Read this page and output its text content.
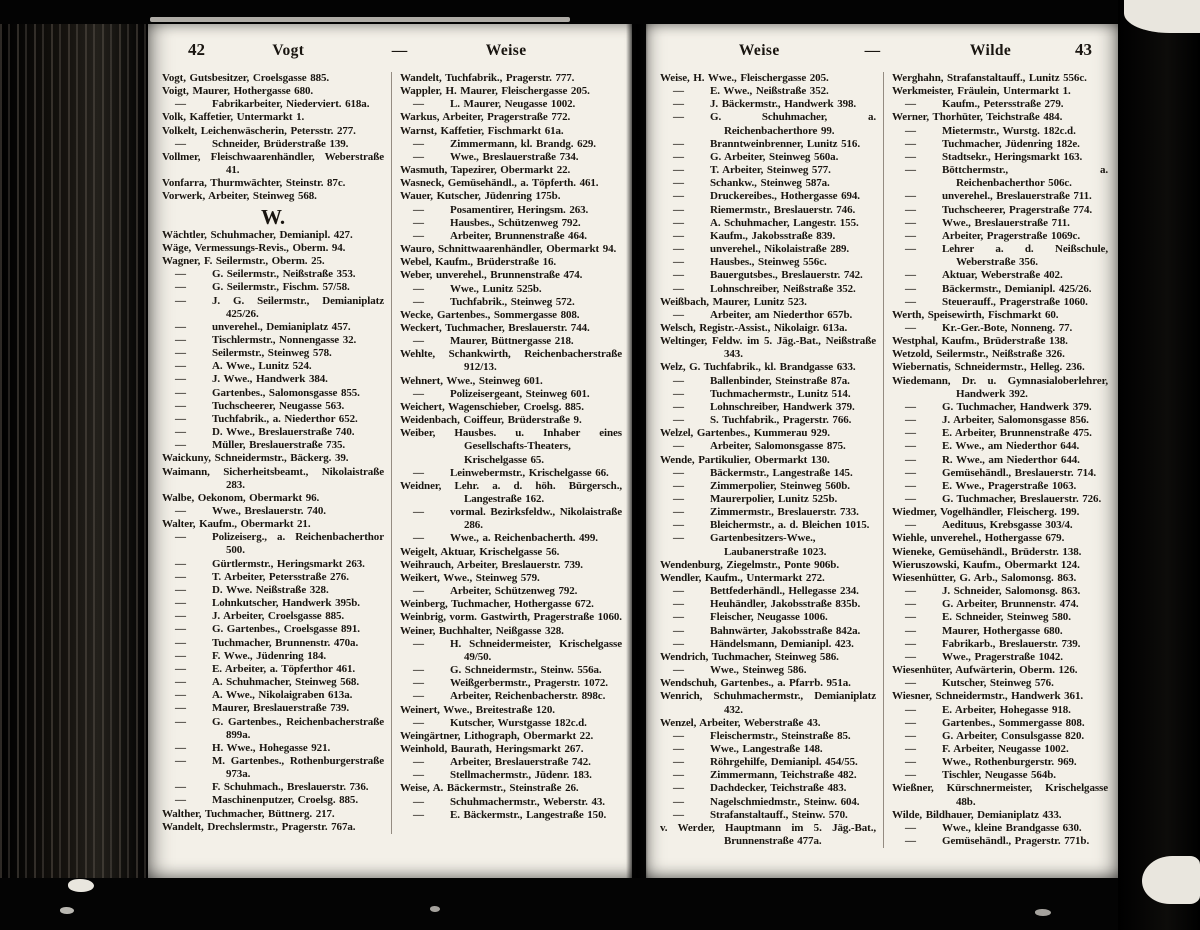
42	Vogt	—	Weise
Vogt, Gutsbesitzer, Croelsgasse 885.
Voigt, Maurer, Hothergasse 680.
— Fabrikarbeiter, Niederviert. 618a.
Volk, Kaffetier, Untermarkt 1.
Volkelt, Leichenwäscherin, Petersstr. 277.
— Schneider, Brüderstraße 139.
Vollmer, Fleischwaarenhändler, Weberstraße 41.
Vonfarra, Thurmwächter, Steinstr. 87c.
Vorwerk, Arbeiter, Steinweg 568.
W.
Wächtler, Schuhmacher, Demianipl. 427.
Wäge, Vermessungs-Revis., Oberm. 94.
Wagner, F. Seilermstr., Oberm. 25.
— G. Seilermstr., Neißstraße 353.
— G. Seilermstr., Fischm. 57/58.
— J. G. Seilermstr., Demianiplatz 425/26.
— unverehel., Demianiplatz 457.
— Tischlermstr., Nonnengasse 32.
— Seilermstr., Steinweg 578.
— A. Wwe., Lunitz 524.
— J. Wwe., Handwerk 384.
— Gartenbes., Salomonsgasse 855.
— Tuchscheerer, Neugasse 563.
— Tuchfabrik., a. Niederthor 652.
— D. Wwe., Breslauerstraße 740.
— Müller, Breslauerstraße 735.
Waickuny, Schneidermstr., Bäckerg. 39.
Waimann, Sicherheitsbeamt., Nikolaistraße 283.
Walbe, Oekonom, Obermarkt 96.
— Wwe., Breslauerstr. 740.
Walter, Kaufm., Obermarkt 21.
— Polizeiserg., a. Reichenbacherthor 500.
— Gürtlermstr., Heringsmarkt 263.
— T. Arbeiter, Petersstraße 276.
— D. Wwe. Neißstraße 328.
— Lohnkutscher, Handwerk 395b.
— J. Arbeiter, Croelsgasse 885.
— G. Gartenbes., Croelsgasse 891.
— Tuchmacher, Brunnenstr. 470a.
— F. Wwe., Jüdenring 184.
— E. Arbeiter, a. Töpferthor 461.
— A. Schuhmacher, Steinweg 568.
— A. Wwe., Nikolaigraben 613a.
— Maurer, Breslauerstraße 739.
— G. Gartenbes., Reichenbacherstraße 899a.
— H. Wwe., Hohegasse 921.
— M. Gartenbes., Rothenburgerstraße 973a.
— F. Schuhmach., Breslauerstr. 736.
— Maschinenputzer, Croelsg. 885.
Walther, Tuchmacher, Büttnerg. 217.
Wandelt, Drechslermstr., Pragerstr. 767a.
Wandelt, Tuchfabrik., Pragerstr. 777.
Wappler, H. Maurer, Fleischergasse 205.
— L. Maurer, Neugasse 1002.
Warkus, Arbeiter, Pragerstraße 772.
Warnst, Kaffetier, Fischmarkt 61a.
— Zimmermann, kl. Brandg. 629.
— Wwe., Breslauerstraße 734.
Wasmuth, Tapezirer, Obermarkt 22.
Wasneck, Gemüsehändl., a. Töpferth. 461.
Wauer, Kutscher, Jüdenring 175b.
— Posamentirer, Heringsm. 263.
— Hausbes., Schützenweg 792.
— Arbeiter, Brunnenstraße 464.
Wauro, Schnittwaarenhändler, Obermarkt 94.
Webel, Kaufm., Brüderstraße 16.
Weber, unverehel., Brunnenstraße 474.
— Wwe., Lunitz 525b.
— Tuchfabrik., Steinweg 572.
Wecke, Gartenbes., Sommergasse 808.
Weckert, Tuchmacher, Breslauerstr. 744.
— Maurer, Büttnergasse 218.
Wehlte, Schankwirth, Reichenbacherstraße 912/13.
Wehnert, Wwe., Steinweg 601.
— Polizeisergeant, Steinweg 601.
Weichert, Wagenschieber, Croelsg. 885.
Weidenbach, Coiffeur, Brüderstraße 9.
Weiber, Hausbes. u. Inhaber eines Gesellschafts-Theaters, Krischelgasse 65.
— Leinwebermstr., Krischelgasse 66.
Weidner, Lehr. a. d. höh. Bürgersch., Langestraße 162.
— vormal. Bezirksfeldw., Nikolaistraße 286.
— Wwe., a. Reichenbacherth. 499.
Weigelt, Aktuar, Krischelgasse 56.
Weihrauch, Arbeiter, Breslauerstr. 739.
Weikert, Wwe., Steinweg 579.
— Arbeiter, Schützenweg 792.
Weinberg, Tuchmacher, Hothergasse 672.
Weinbrig, vorm. Gastwirth, Pragerstraße 1060.
Weiner, Buchhalter, Neißgasse 328.
— H. Schneidermeister, Krischelgasse 49/50.
— G. Schneidermstr., Steinw. 556a.
— Weißgerbermstr., Pragerstr. 1072.
— Arbeiter, Reichenbacherstr. 898c.
Weinert, Wwe., Breitestraße 120.
— Kutscher, Wurstgasse 182c.d.
Weingärtner, Lithograph, Obermarkt 22.
Weinhold, Baurath, Heringsmarkt 267.
— Arbeiter, Breslauerstraße 742.
— Stellmachermstr., Jüdenr. 183.
Weise, A. Bäckermstr., Steinstraße 26.
— Schuhmachermstr., Weberstr. 43.
— E. Bäckermstr., Langestraße 150.
Weise	—	Wilde	43
Weise, H. Wwe., Fleischergasse 205.
— E. Wwe., Neißstraße 352.
— J. Bäckermstr., Handwerk 398.
— G. Schuhmacher, a. Reichenbacherthore 99.
— Branntweinbrenner, Lunitz 516.
— G. Arbeiter, Steinweg 560a.
— T. Arbeiter, Steinweg 577.
— Schankw., Steinweg 587a.
— Druckereibes., Hothergasse 694.
— Riemermstr., Breslauerstr. 746.
— A. Schuhmacher, Langestr. 155.
— Kaufm., Jakobsstraße 839.
— unverehel., Nikolaistraße 289.
— Hausbes., Steinweg 556c.
— Bauergutsbes., Breslauerstr. 742.
— Lohnschreiber, Neißstraße 352.
Weißbach, Maurer, Lunitz 523.
— Arbeiter, am Niederthor 657b.
Welsch, Registr.-Assist., Nikolaigr. 613a.
Weltinger, Feldw. im 5. Jäg.-Bat., Neißstraße 343.
Welz, G. Tuchfabrik., kl. Brandgasse 633.
— Ballenbinder, Steinstraße 87a.
— Tuchmachermstr., Lunitz 514.
— Lohnschreiber, Handwerk 379.
— S. Tuchfabrik., Pragerstr. 766.
Welzel, Gartenbes., Kummerau 929.
— Arbeiter, Salomonsgasse 875.
Wende, Partikulier, Obermarkt 130.
— Bäckermstr., Langestraße 145.
— Zimmerpolier, Steinweg 560b.
— Maurerpolier, Lunitz 525b.
— Zimmermstr., Breslauerstr. 733.
— Bleichermstr., a. d. Bleichen 1015.
— Gartenbesitzers-Wwe., Laubanerstraße 1023.
Wendenburg, Ziegelmstr., Ponte 906b.
Wendler, Kaufm., Untermarkt 272.
— Bettfederhändl., Hellegasse 234.
— Heuhändler, Jakobsstraße 835b.
— Fleischer, Neugasse 1006.
— Bahnwärter, Jakobsstraße 842a.
— Händelsmann, Demianipl. 423.
Wendrich, Tuchmacher, Steinweg 586.
— Wwe., Steinweg 586.
Wendschuh, Gartenbes., a. Pfarrb. 951a.
Wenrich, Schuhmachermstr., Demianiplatz 432.
Wenzel, Arbeiter, Weberstraße 43.
— Fleischermstr., Steinstraße 85.
— Wwe., Langestraße 148.
— Röhrgehilfe, Demianipl. 454/55.
— Zimmermann, Teichstraße 482.
— Dachdecker, Teichstraße 483.
— Nagelschmiedmstr., Steinw. 604.
— Strafanstaltauff., Steinw. 570.
v. Werder, Hauptmann im 5. Jäg.-Bat., Brunnenstraße 477a.
Werghahn, Strafanstaltauff., Lunitz 556c.
Werkmeister, Fräulein, Untermarkt 1.
— Kaufm., Petersstraße 279.
Werner, Thorhüter, Teichstraße 484.
— Mietermstr., Wurstg. 182c.d.
— Tuchmacher, Jüdenring 182e.
— Stadtsekr., Heringsmarkt 163.
— Böttchermstr., a. Reichenbacherthor 506c.
— unverehel., Breslauerstraße 711.
— Tuchscheerer, Pragerstraße 774.
— Wwe., Breslauerstraße 711.
— Arbeiter, Pragerstraße 1069c.
— Lehrer a. d. Neißschule, Weberstraße 356.
— Aktuar, Weberstraße 402.
— Bäckermstr., Demianipl. 425/26.
— Steuerauff., Pragerstraße 1060.
Werth, Speisewirth, Fischmarkt 60.
— Kr.-Ger.-Bote, Nonneng. 77.
Westphal, Kaufm., Brüderstraße 138.
Wetzold, Seilermstr., Neißstraße 326.
Wiebernatis, Schneidermstr., Helleg. 236.
Wiedemann, Dr. u. Gymnasialoberlehrer, Handwerk 392.
— G. Tuchmacher, Handwerk 379.
— J. Arbeiter, Salomonsgasse 856.
— E. Arbeiter, Brunnenstraße 475.
— E. Wwe., am Niederthor 644.
— R. Wwe., am Niederthor 644.
— Gemüsehändl., Breslauerstr. 714.
— E. Wwe., Pragerstraße 1063.
— G. Tuchmacher, Breslauerstr. 726.
Wiedmer, Vogelhändler, Fleischerg. 199.
— Aedituus, Krebsgasse 303/4.
Wiehle, unverehel., Hothergasse 679.
Wieneke, Gemüsehändl., Brüderstr. 138.
Wieruszowski, Kaufm., Obermarkt 124.
Wiesenhütter, G. Arb., Salomonsg. 863.
— J. Schneider, Salomonsg. 863.
— G. Arbeiter, Brunnenstr. 474.
— E. Schneider, Steinweg 580.
— Maurer, Hothergasse 680.
— Fabrikarb., Breslauerstr. 739.
— Wwe., Pragerstraße 1042.
Wiesenhüter, Aufwärterin, Oberm. 126.
— Kutscher, Steinweg 576.
Wiesner, Schneidermstr., Handwerk 361.
— E. Arbeiter, Hohegasse 918.
— Gartenbes., Sommergasse 808.
— G. Arbeiter, Consulsgasse 820.
— F. Arbeiter, Neugasse 1002.
— Wwe., Rothenburgerstr. 969.
— Tischler, Neugasse 564b.
Wießner, Kürschnermeister, Krischelgasse 48b.
Wilde, Bildhauer, Demianiplatz 433.
— Wwe., kleine Brandgasse 630.
— Gemüsehändl., Pragerstr. 771b.
